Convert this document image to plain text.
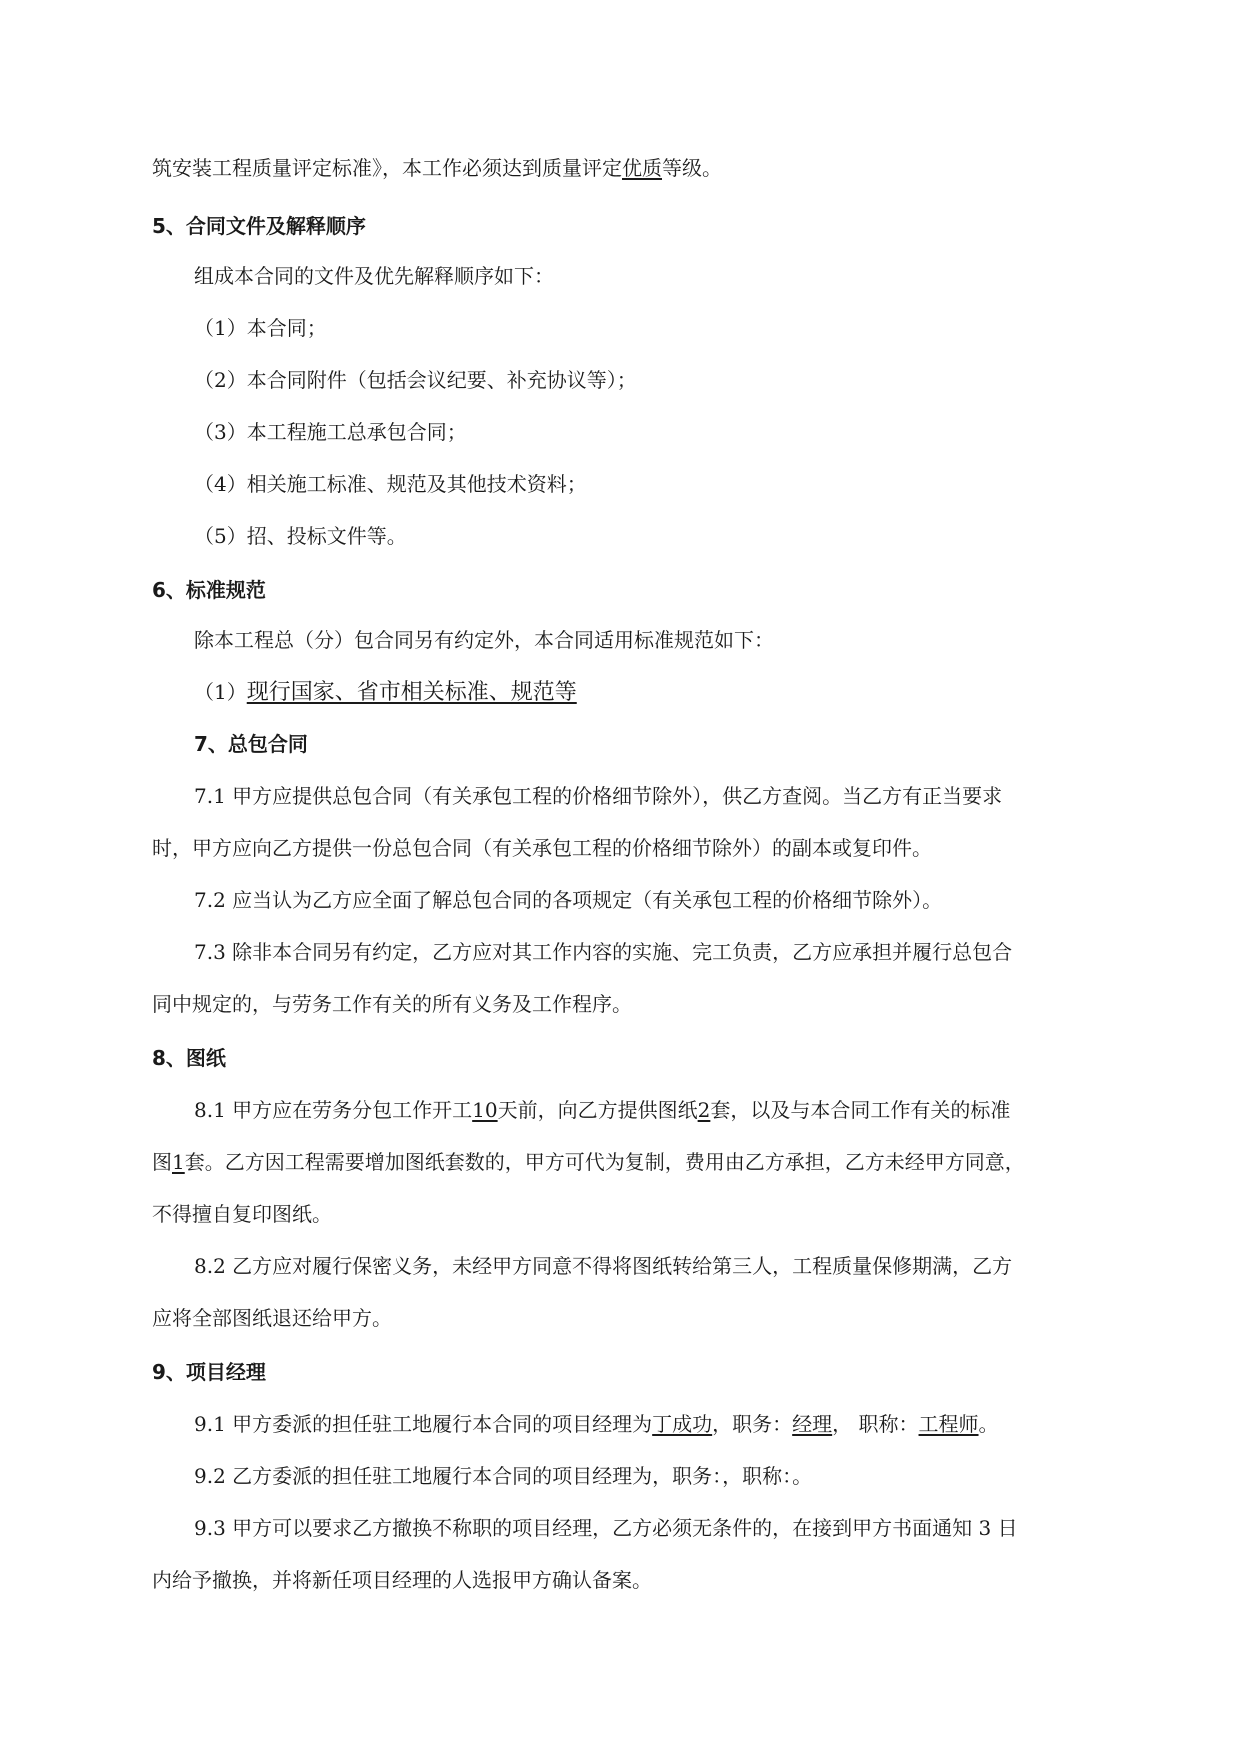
筑安装工程质量评定标准》，本工作必须达到质量评定优质等级。
5、合同文件及解释顺序
组成本合同的文件及优先解释顺序如下：
（1）本合同；
（2）本合同附件（包括会议纪要、补充协议等）；
（3）本工程施工总承包合同；
（4）相关施工标准、规范及其他技术资料；
（5）招、投标文件等。
6、标准规范
除本工程总（分）包合同另有约定外，本合同适用标准规范如下：
（1）现行国家、省市相关标准、规范等
7、总包合同
7.1 甲方应提供总包合同（有关承包工程的价格细节除外），供乙方查阅。当乙方有正当要求
时，甲方应向乙方提供一份总包合同（有关承包工程的价格细节除外）的副本或复印件。
7.2 应当认为乙方应全面了解总包合同的各项规定（有关承包工程的价格细节除外）。
7.3 除非本合同另有约定，乙方应对其工作内容的实施、完工负责，乙方应承担并履行总包合
同中规定的，与劳务工作有关的所有义务及工作程序。
8、图纸
8.1 甲方应在劳务分包工作开工10天前，向乙方提供图纸2套，以及与本合同工作有关的标准
图1套。乙方因工程需要增加图纸套数的，甲方可代为复制，费用由乙方承担，乙方未经甲方同意，
不得擅自复印图纸。
8.2 乙方应对履行保密义务，未经甲方同意不得将图纸转给第三人，工程质量保修期满，乙方
应将全部图纸退还给甲方。
9、项目经理
9.1 甲方委派的担任驻工地履行本合同的项目经理为丁成功，职务：经理， 职称：工程师。
9.2 乙方委派的担任驻工地履行本合同的项目经理为，职务：，职称：。
9.3 甲方可以要求乙方撤换不称职的项目经理，乙方必须无条件的，在接到甲方书面通知 3 日
内给予撤换，并将新任项目经理的人选报甲方确认备案。
